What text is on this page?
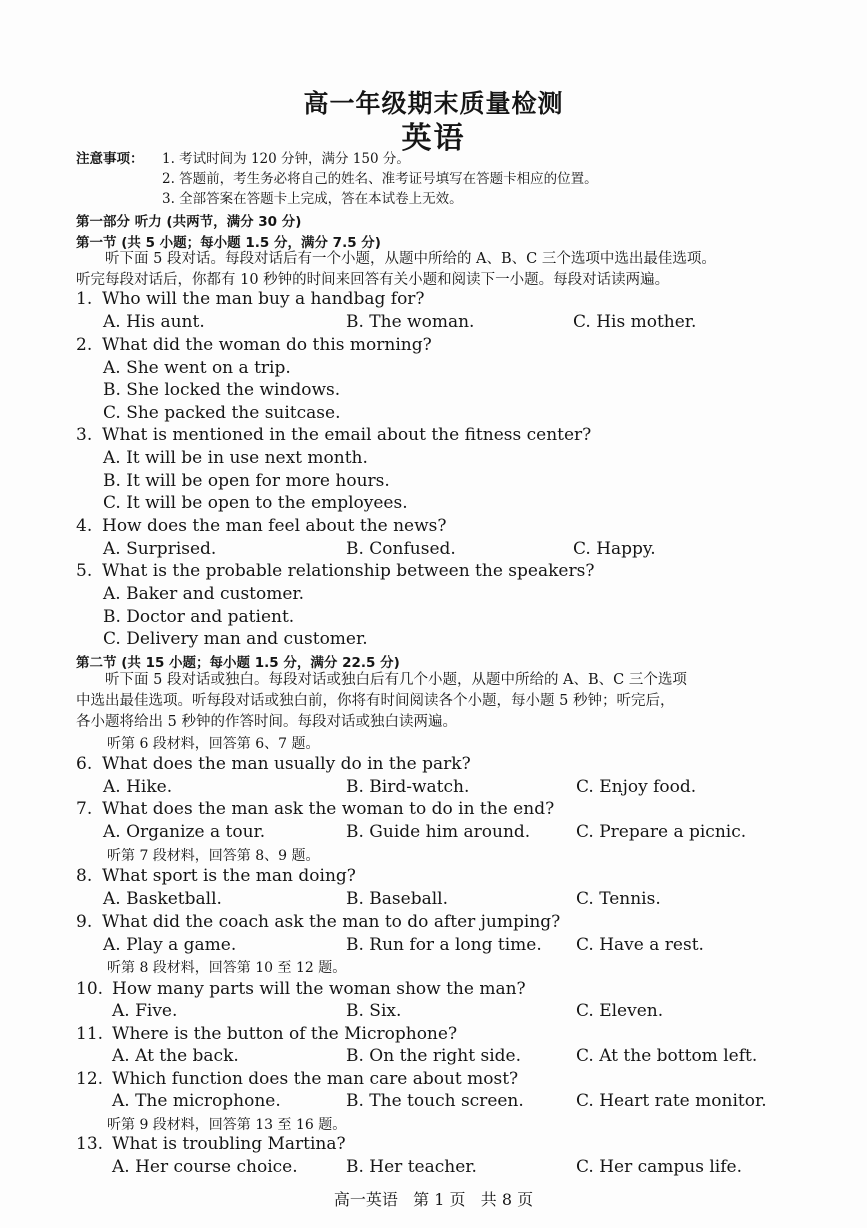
高一年级期末质量检测
英语
注意事项： 1. 考试时间为 120 分钟，满分 150 分。
2. 答题前，考生务必将自己的姓名、准考证号填写在答题卡相应的位置。
3. 全部答案在答题卡上完成，答在本试卷上无效。
第一部分 听力 (共两节，满分 30 分)
第一节 (共 5 小题；每小题 1.5 分，满分 7.5 分)
听下面 5 段对话。每段对话后有一个小题，从题中所给的 A、B、C 三个选项中选出最佳选项。
听完每段对话后，你都有 10 秒钟的时间来回答有关小题和阅读下一小题。每段对话读两遍。
第二节 (共 15 小题；每小题 1.5 分，满分 22.5 分)
听下面 5 段对话或独白。每段对话或独白后有几个小题，从题中所给的 A、B、C 三个选项
中选出最佳选项。听每段对话或独白前，你将有时间阅读各个小题，每小题 5 秒钟；听完后，
各小题将给出 5 秒钟的作答时间。每段对话或独白读两遍。
听第 6 段材料，回答第 6、7 题。
听第 7 段材料，回答第 8、9 题。
听第 8 段材料，回答第 10 至 12 题。
听第 9 段材料，回答第 13 至 16 题。
1. Who will the man buy a handbag for?
A. His aunt.	B. The woman.	C. His mother.
2. What did the woman do this morning?
A. She went on a trip.
B. She locked the windows.
C. She packed the suitcase.
3. What is mentioned in the email about the fitness center?
A. It will be in use next month.
B. It will be open for more hours.
C. It will be open to the employees.
4. How does the man feel about the news?
A. Surprised.	B. Confused.	C. Happy.
5. What is the probable relationship between the speakers?
A. Baker and customer.
B. Doctor and patient.
C. Delivery man and customer.
6. What does the man usually do in the park?
A. Hike.	B. Bird-watch.	C. Enjoy food.
7. What does the man ask the woman to do in the end?
A. Organize a tour.	B. Guide him around.	C. Prepare a picnic.
8. What sport is the man doing?
A. Basketball.	B. Baseball.	C. Tennis.
9. What did the coach ask the man to do after jumping?
A. Play a game.	B. Run for a long time. C. Have a rest.
10. How many parts will the woman show the man?
A. Five.	B. Six.	C. Eleven.
11. Where is the button of the Microphone?
A. At the back.	B. On the right side.	C. At the bottom left.
12. Which function does the man care about most?
A. The microphone.	B. The touch screen.	C. Heart rate monitor.
13. What is troubling Martina?
A. Her course choice.	B. Her teacher.	C. Her campus life.
高一英语   第 1 页   共 8 页
